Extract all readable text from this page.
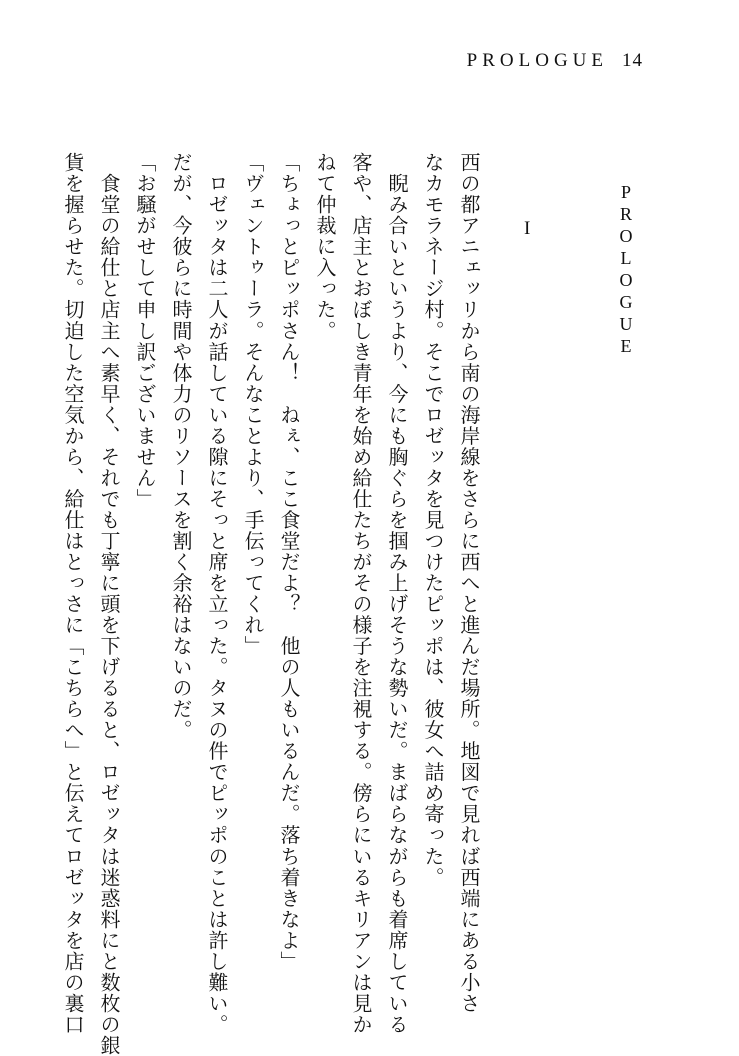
PROLOGUE 14
PROLOGUE
I
西の都アニェッリから南の海岸線をさらに西へと進んだ場所。地図で見れば西端にある小さ
なカモラネージ村。そこでロゼッタを見つけたピッポは、彼女へ詰め寄った。
　睨み合いというより、今にも胸ぐらを掴み上げそうな勢いだ。まばらながらも着席している
客や、店主とおぼしき青年を始め給仕たちがその様子を注視する。傍らにいるキリアンは見か
ねて仲裁に入った。
「ちょっとピッポさん！　ねぇ、ここ食堂だよ？　他の人もいるんだ。落ち着きなよ」
「ヴェントゥーラ。そんなことより、手伝ってくれ」
　ロゼッタは二人が話している隙にそっと席を立った。タヌの件でピッポのことは許し難い。
だが、今彼らに時間や体力のリソースを割く余裕はないのだ。
「お騒がせして申し訳ございません」
　食堂の給仕と店主へ素早く、それでも丁寧に頭を下げるると、ロゼッタは迷惑料にと数枚の銀
貨を握らせた。切迫した空気から、給仕はとっさに「こちらへ」と伝えてロゼッタを店の裏口
